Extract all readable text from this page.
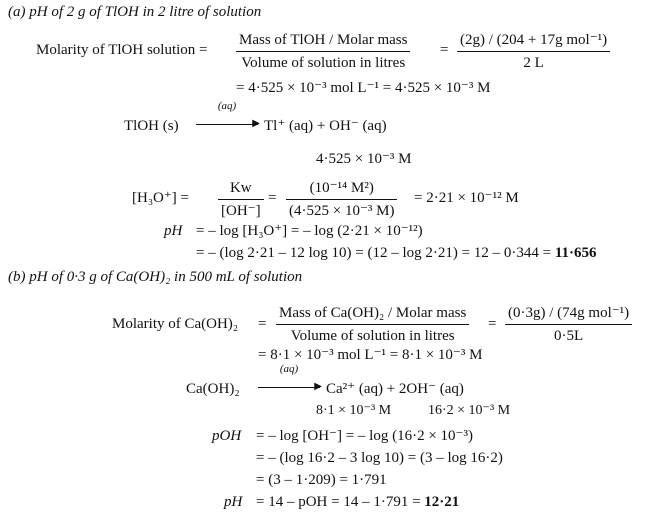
(a) pH of 2 g of TlOH in 2 litre of solution
Molarity of TlOH solution =
Mass of TlOH / Molar mass
Volume of solution in litres
=
(2g) / (204 + 17g mol⁻¹)
2 L
= 4·525 × 10⁻³ mol L⁻¹ = 4·525 × 10⁻³ M
TlOH (s)
(aq)
▶ Tl⁺ (aq) + OH⁻ (aq)
4·525 × 10⁻³ M
$[H_3O^+] = \frac{Kw}{[OH^-]} = \frac{\text{(10⁻¹⁴ M²)}}{\text{(4·525 × 10⁻³ M)}} = 2\cdot 21 \times 10^{-12}$ M
pH = – log [H₃O⁺] = – log (2·21 × 10⁻¹²)
= – (log 2·21 – 12 log 10) = (12 – log 2·21) = 12 – 0·344 = 11·656
(b) pH of 0·3 g of Ca(OH)₂ in 500 mL of solution
Molarity of Ca(OH)₂ =
Mass of Ca(OH)₂ / Molar mass
Volume of solution in litres
=
(0·3g) / (74g mol⁻¹)
0·5L
= 8·1 × 10⁻³ mol L⁻¹ = 8·1 × 10⁻³ M
Ca(OH)₂
(aq)
▶ Ca²⁺ (aq) + 2OH⁻ (aq)
8·1 × 10⁻³ M	16·2 × 10⁻³ M
pOH = – log [OH⁻] = – log (16·2 × 10⁻³)
= – (log 16·2 – 3 log 10) = (3 – log 16·2)
= (3 – 1·209) = 1·791
pH = 14 – pOH = 14 – 1·791 = 12·21
